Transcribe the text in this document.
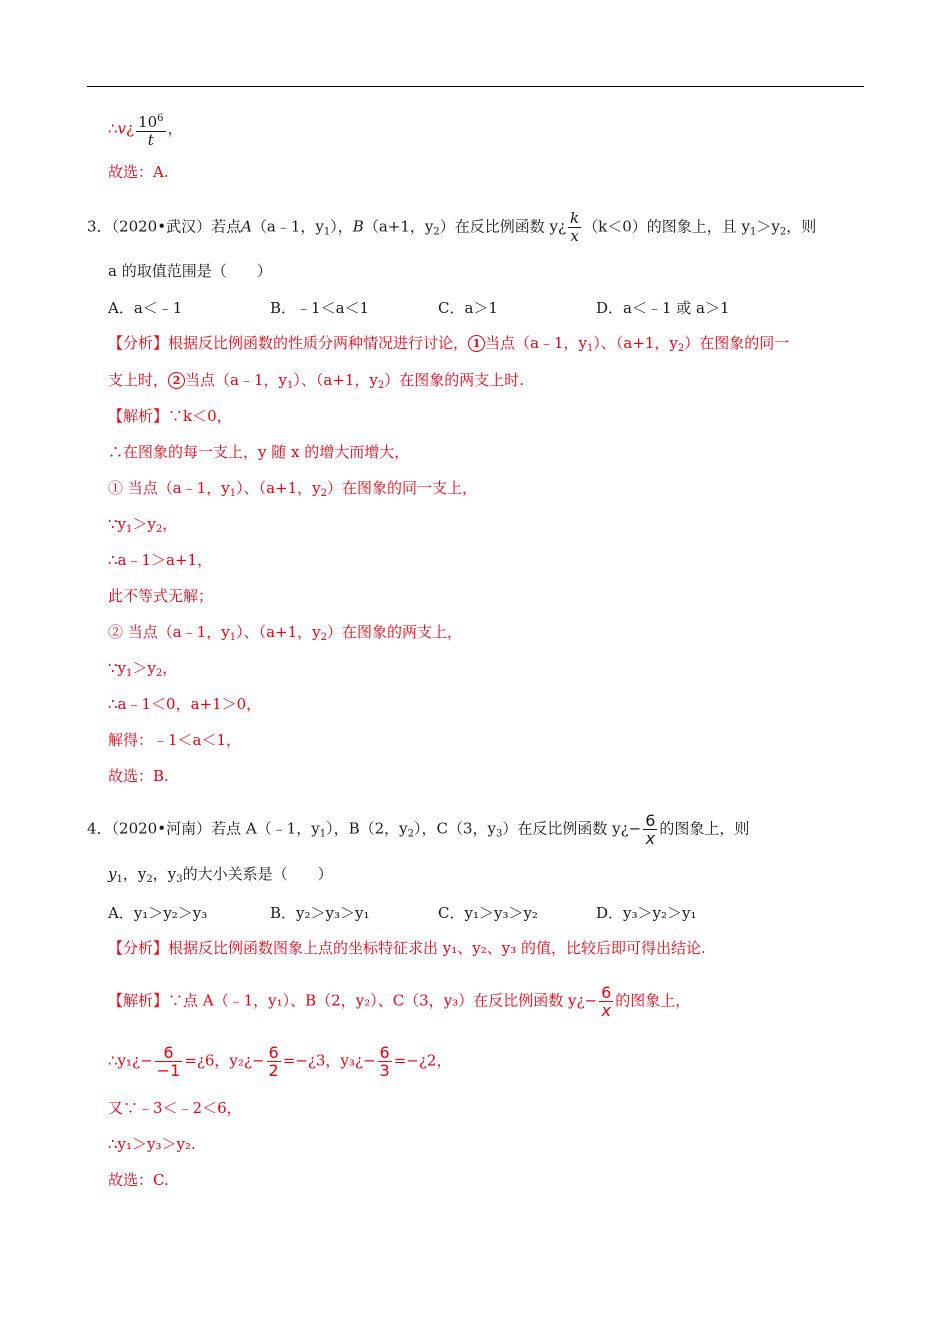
∴v¿ $\frac{10^6}{t}$ ，
故选：A.
3．（2020•武汉）若点A（a﹣1，$y_1$），B（a+1，$y_2$）在反比例函数 y¿ $\frac{k}{x} (k<0)$的图象上，且 $y_1>y_2$，则
a 的取值范围是（　　）
A．a＜﹣1	B．﹣1＜a＜1	C．a＞1	D．a＜﹣1 或 a＞1
【分析】根据反比例函数的性质分两种情况进行讨论， 1 当点（a﹣1，$y_1$）、（a+1，$y_2$）在图象的同一
支上时， 2 当点（a﹣1，$y_1$）、（a+1，$y_2$）在图象的两支上时.
【解析】∵k＜0，
∴在图象的每一支上，y 随 x 的增大而增大，
① 当点（a﹣1，$y_1$）、（a+1，$y_2$）在图象的同一支上，
$\because y_1>y_2$，
∴a﹣1＞a+1，
此不等式无解；
② 当点（a﹣1，$y_1$）、（a+1，$y_2$）在图象的两支上，
$\because y_1>y_2$，
∴a﹣1＜0，a+1＞0，
解得：﹣1＜a＜1，
故选：B.
4．（2020•河南）若点 A（﹣1，$y_1$），B（2，$y_2$），C（3，$y_3$）在反比例函数 y¿− $\frac{6}{x}$ 的图象上，则
$y_1$，$y_2$，$y_3$的大小关系是（　　）
A．y₁＞y₂＞y₃	B．y₂＞y₃＞y₁	C．y₁＞y₃＞y₂	D．y₃＞y₂＞y₁
【分析】根据反比例函数图象上点的坐标特征求出 y₁、y₂、y₃ 的值，比较后即可得出结论.
【解析】∵点 A（﹣1，y₁）、B（2，y₂）、C（3，y₃）在反比例函数 y¿− $\frac{6}{x}$ 的图象上，
∴y₁¿− $\frac{6}{-1}$ =¿6，y₂¿− $\frac{6}{2}$ =−¿3，y₃¿− $\frac{6}{3}$ =−¿2，
又∵﹣3＜﹣2＜6，
∴y₁＞y₃＞y₂.
故选：C.
